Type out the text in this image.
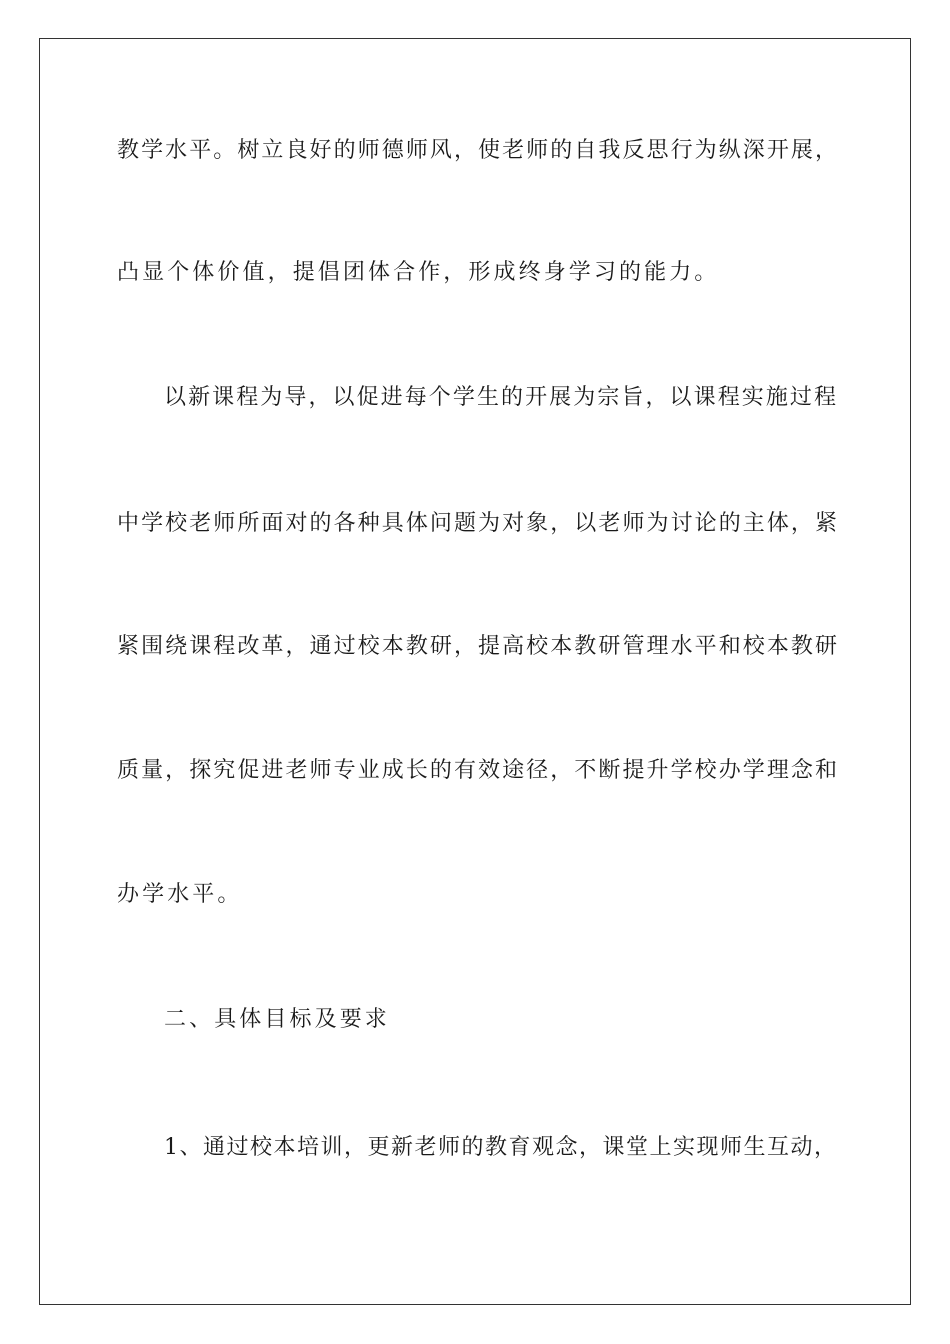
教学水平。树立良好的师德师风，使老师的自我反思行为纵深开展，
凸显个体价值，提倡团体合作，形成终身学习的能力。
以新课程为导，以促进每个学生的开展为宗旨，以课程实施过程
中学校老师所面对的各种具体问题为对象，以老师为讨论的主体，紧
紧围绕课程改革，通过校本教研，提高校本教研管理水平和校本教研
质量，探究促进老师专业成长的有效途径，不断提升学校办学理念和
办学水平。
二、具体目标及要求
1、通过校本培训，更新老师的教育观念，课堂上实现师生互动，
